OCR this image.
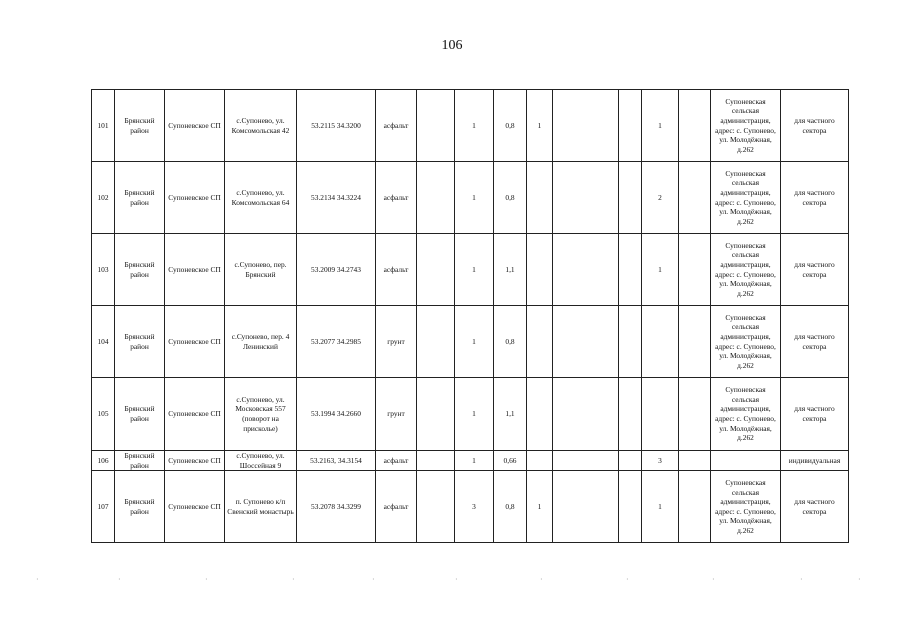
106
101	Брянский район	Супоневское СП	с.Супонево, ул. Комсомольская 42	53.2115 34.3200	асфальт		1	0,8	1			1		Супоневская сельская администрация, адрес: с. Супонево, ул. Молодёжная, д.262	для частного сектора
102	Брянский район	Супоневское СП	с.Супонево, ул. Комсомольская 64	53.2134 34.3224	асфальт		1	0,8				2		Супоневская сельская администрация, адрес: с. Супонево, ул. Молодёжная, д.262	для частного сектора
103	Брянский район	Супоневское СП	с.Супонево, пер. Брянский	53.2009 34.2743	асфальт		1	1,1				1		Супоневская сельская администрация, адрес: с. Супонево, ул. Молодёжная, д.262	для частного сектора
104	Брянский район	Супоневское СП	с.Супонево, пер. 4 Ленинский	53.2077 34.2985	грунт		1	0,8						Супоневская сельская администрация, адрес: с. Супонево, ул. Молодёжная, д.262	для частного сектора
105	Брянский район	Супоневское СП	с.Супонево, ул. Московская 557 (поворот на присколье)	53.1994 34.2660	грунт		1	1,1						Супоневская сельская администрация, адрес: с. Супонево, ул. Молодёжная, д.262	для частного сектора
106	Брянский район	Супоневское СП	с.Супонево, ул. Шоссейная 9	53.2163, 34.3154	асфальт		1	0,66				3			индивидуальная
107	Брянский район	Супоневское СП	п. Супонево к/п Свенский монастырь	53.2078 34.3299	асфальт		3	0,8	1			1		Супоневская сельская администрация, адрес: с. Супонево, ул. Молодёжная, д.262	для частного сектора
·	·	·	·	·	·	·	·	·	·	·
